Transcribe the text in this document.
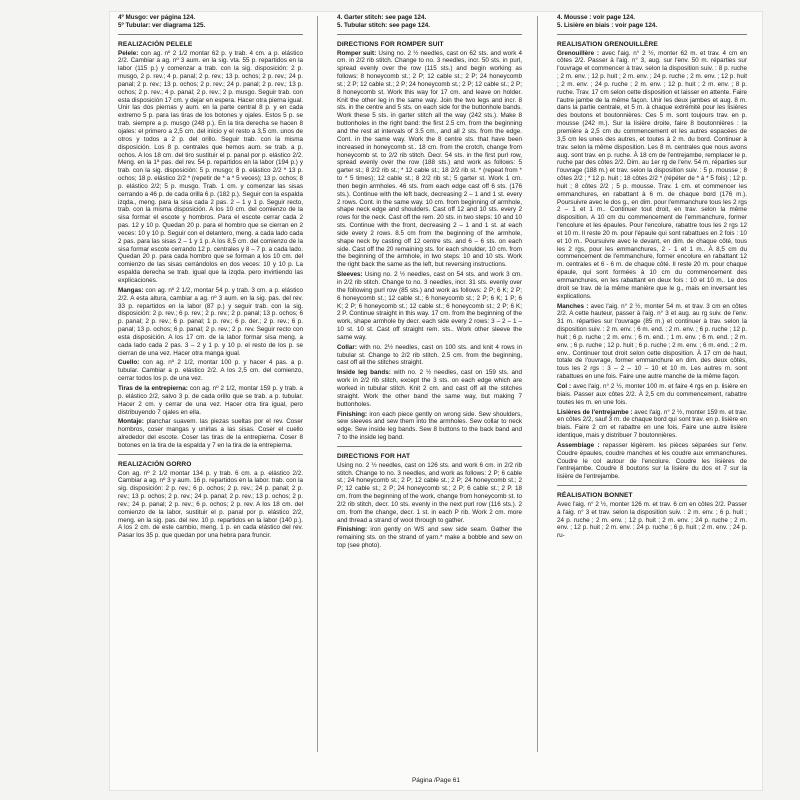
4º Musgo: ver página 124.

5º Tubular: ver diagrama 125.

REALIZACIÓN PELELE

Pelele: con ag. nº 2 1/2 montar 62 p. y trab. 4 cm. a p. elástico 2/2. Cambiar a ag. nº 3 aum. en la sig. vta. 55 p. repartidos en la labor (115 p.) y comenzar a trab. con la sig. disposición: 2 p. musgo, 2 p. rev.; 4 p. panal; 2 p. rev.; 13 p. ochos; 2 p. rev.; 24 p. panal; 2 p. rev.; 13 p. ochos; 2 p. rev.; 24 p. panal; 2 p. rev.; 13 p. ochos; 2 p. rev.; 4 p. panal; 2 p. rev.; 2 p. musgo. Seguir trab. con esta disposición 17 cm. y dejar en espera. Hacer otra pierna igual. Unir las dos piernas y aum. en la parte central 8 p. y en cada extremo 5 p. para las tiras de los botones y ojales. Estos 5 p. se trab. siempre a p. musgo (248 p.). En la tira derecha se hacen 8 ojales: el primero a 2,5 cm. del inicio y el resto a 3,5 cm. unos de otros y todos a 2 p. del orillo. Seguir trab. con la misma disposición. Los 8 p. centrales que hemos aum. se trab. a p. ochos. A los 18 cm. del tiro sustituir el p. panal por p. elástico 2/2. Meng. en la 1ª pas. del rev. 54 p. repartidos en la labor (194 p.) y trab. con la sig. disposición: 5 p. musgo; 8 p. elástico 2/2 * 13 p. ochos; 18 p. elástico 2/2 * (repetir de * a * 5 veces); 13 p. ochos; 8 p. elástico 2/2; 5 p. musgo. Trab. 1 cm. y comenzar las sisas cerrando a 46 p. de cada orilla 6 p. (182 p.). Seguir con la espalda izqda., meng. para la sisa cada 2 pas. 2 – 1 y 1 p. Seguir recto, trab. con la misma disposición. A los 10 cm. del comienzo de la sisa formar el escote y hombros. Para el escote cerrar cada 2 pas. 12 y 10 p. Quedan 20 p. para el hombro que se cierran en 2 veces: 10 y 10 p. Seguir con el delantero, meng. a cada lado cada 2 pas. para las sisas 2 – 1 y 1 p. A los 8,5 cm. del comienzo de la sisa formar escote cerrando 12 p. centrales y 8 – 7 p. a cada lado. Quedan 20 p. para cada hombro que se forman a los 10 cm. del comienzo de las sisas cerrándolos en dos veces: 10 y 10 p. La espalda derecha se trab. igual que la izqda. pero invirtiendo las explicaciones.

Mangas: con ag. nº 2 1/2, montar 54 p. y trab. 3 cm. a p. elástico 2/2. A esta altura, cambiar a ag. nº 3 aum. en la sig. pas. del rev. 33 p. repartidos en la labor (87 p.) y seguir trab. con la sig. disposición: 2 p. rev.; 6 p. rev.; 2 p. rev.; 2 p. panal; 13 p. ochos; 6 p. panal; 2 p. rev.; 6 p. panal; 1 p. rev.; 6 p. der.; 2 p. rev.; 6 p. panal; 13 p. ochos; 6 p. panal; 2 p. rev.; 2 p. rev. Seguir recto con esta disposición. A los 17 cm. de la labor formar sisa meng. a cada lado cada 2 pas. 3 – 2 y 1 p. y 10 p. el resto de los p. se cierran de una vez. Hacer otra manga igual.

Cuello: con ag. nº 2 1/2, montar 100 p. y hacer 4 pas. a p. tubular. Cambiar a p. elástico 2/2. A los 2,5 cm. del comienzo, cerrar todos los p. de una vez.

Tiras de la entrepierna: con ag. nº 2 1/2, montar 159 p. y trab. a p. elástico 2/2, salvo 3 p. de cada orillo que se trab. a p. tubular. Hacer 2 cm. y cerrar de una vez. Hacer otra tira igual, pero distribuyendo 7 ojales en ella.

Montaje: planchar suavem. las piezas sueltas por el rev. Coser hombros, coser mangas y unirlas a las sisas. Coser el cuello alrededor del escote. Coser las tiras de la entrepierna. Coser 8 botones en la tira de la espalda y 7 en la tira de la entrepierna.

REALIZACIÓN GORRO

Con ag. nº 2 1/2 montar 134 p. y trab. 6 cm. a p. elástico 2/2. Cambiar a ag. nº 3 y aum. 16 p. repartidos en la labor. trab. con la sig. disposición: 2 p. rev.; 6 p. ochos; 2 p. rev.; 24 p. panal; 2 p. rev.; 13 p. ochos; 2 p. rev.; 24 p. panal; 2 p. rev.; 13 p. ochos; 2 p. rev.; 24 p. panal; 2 p. rev.; 6 p. ochos; 2 p. rev. A los 18 cm. del comienzo de la labor, sustituir el p. panal por p. elástico 2/2, meng. en la sig. pas. del rev. 10 p. repartidos en la labor (140 p.). A los 2 cm. de este cambio, meng. 1 p. en cada elástico del rev. Pasar los 35 p. que quedan por una hebra para fruncir.

4. Garter stitch: see page 124.

5. Tubular stitch: see page 124.

DIRECTIONS FOR ROMPER SUIT

Romper suit: Using no. 2 ½ needles, cast on 62 sts. and work 4 cm. in 2/2 rib stitch. Change to no. 3 needles, incr. 50 sts. in purl, spread evenly over the row (115 sts.) and begin working as follows: 8 honeycomb st.; 2 P; 12 cable st.; 2 P; 24 honeycomb st.; 2 P; 12 cable st.; 2 P; 24 honeycomb st.; 2 P; 12 cable st.; 2 P; 8 honeycomb st. Work this way for 17 cm. and leave on holder. Knit the other leg in the same way. Join the two legs and incr. 8 sts. in the centre and 5 sts. on each side for the buttonhole bands. Work these 5 sts. in garter stitch all the way (242 sts.). Make 8 buttonholes in the right band: the first 2.5 cm. from the beginning and the rest at intervals of 3.5 cm., and all 2 sts. from the edge. Cont. in the same way. Work the 8 centre sts. that have been increased in honeycomb st.. 18 cm. from the crotch, change from honeycomb st. to 2/2 rib stitch. Decr. 54 sts. in the first purl row, spread evenly over the row (188 sts.) and work as follows: 5 garter st.; 8 2/2 rib st.; * 12 cable st.; 18 2/2 rib st. * (repeat from * to * 5 times); 12 cable st.; 8 2/2 rib st.; 5 garter st. Work 1 cm. then begin armholes. 46 sts. from each edge cast off 6 sts. (176 sts.). Continue with the left back, decreasing 2 – 1 and 1 st. every 2 rows. Cont. in the same way. 10 cm. from beginning of armhole, shape neck edge and shoulders. Cast off 12 and 10 sts. every 2 rows for the neck. Cast off the rem. 20 sts. in two steps: 10 and 10 sts. Continue with the front, decreasing 2 – 1 and 1 st. at each side every 2 rows. 8.5 cm from the beginning of the armhole, shape neck by casting off 12 centre sts. and 6 – 6 sts. on each side. Cast off the 20 remaining sts. for each shoulder, 10 cm. from the beginning of the armhole, in two steps: 10 and 10 sts. Work the right back the same as the left, but reversing instructions.

Sleeves: Using no. 2 ½ needles, cast on 54 sts. and work 3 cm. in 2/2 rib stitch. Change to no. 3 needles, incr. 31 sts. evenly over the following purl row (85 sts.) and work as follows: 2 P; 6 K; 2 P; 6 honeycomb st.; 12 cable st.; 6 honeycomb st.; 2 P; 6 K; 1 P; 6 K; 2 P; 6 honeycomb st.; 12 cable st.; 6 honeycomb st.; 2 P; 6 K; 2 P. Continue straight in this way. 17 cm. from the beginning of the work, shape armhole by decr. each side every 2 rows: 3 – 2 – 1 – 10 st. 10 st. Cast off straight rem. sts.. Work other sleeve the same way.

Collar: with no. 2½ needles, cast on 100 sts. and knit 4 rows in tubular st. Change to 2/2 rib stitch. 2.5 cm. from the beginning, cast off all the stitches straight.

Inside leg bands: with no. 2 ½ needles, cast on 159 sts. and work in 2/2 rib stitch, except the 3 sts. on each edge which are worked in tubular stitch. Knit 2 cm. and cast off all the stitches straight. Work the other band the same way, but making 7 buttonholes.

Finishing: iron each piece gently on wrong side. Sew shoulders, sew sleeves and sew them into the armholes. Sew collar to neck edge. Sew inside leg bands. Sew 8 buttons to the back band and 7 to the inside leg band.

DIRECTIONS FOR HAT

Using no. 2 ½ needles, cast on 126 sts. and work 6 cm. in 2/2 rib stitch. Change to no. 3 needles, and work as follows: 2 P; 6 cable st.; 24 honeycomb st.; 2 P; 12 cable st.; 2 P; 24 honeycomb st.; 2 P; 12 cable st.; 2 P; 24 honeycomb st.; 2 P; 6 cable st.; 2 P. 18 cm. from the beginning of the work, change from honeycomb st. to 2/2 rib stitch, decr. 10 sts. evenly in the next purl row (116 sts.). 2 cm. from the change, decr. 1 st. in each P rib. Work 2 cm. more and thread a strand of wool through to gather.

Finishing: iron gently on WS and sew side seam. Gather the remaining sts. on the strand of yarn.* make a bobble and sew on top (see photo).

4. Mousse : voir page 124.

5. Lisière en biais : voir page 124.

REALISATION GRENOUILLÈRE

Grenouillère : avec l'aig. n° 2 ½, monter 62 m. et trav. 4 cm en côtes 2/2. Passer à l'aig. n° 3, aug. sur l'env. 50 m. réparties sur l'ouvrage et commencer à trav. selon la disposition suiv. : 8 p. ruche ; 2 m. env. ; 12 p. huit ; 2 m. env. ; 24 p. ruche ; 2 m. env. ; 12 p. huit ; 2 m. env. ; 24 p. ruche ; 2 m. env. ; 12 p. huit ; 2 m. env. ; 8 p. ruche. Trav. 17 cm selon cette disposition et laisser en attente. Faire l'autre jambe de la même façon. Unir les deux jambes et aug. 8 m. dans la partie centrale, et 5 m. à chaque extrémité pour les lisières des boutons et boutonnières. Ces 5 m. sont toujours trav. en p. mousse (242 m.). Sur la lisière droite, faire 8 boutonnières : la première à 2,5 cm du commencement et les autres espacées de 3,5 cm les unes des autres, et toutes à 2 m. du bord. Continuer à trav. selon la même disposition. Les 8 m. centrales que nous avons aug. sont trav. en p. ruche. À 18 cm de l'entrejambe, remplacer le p. ruche par des côtes 2/2. Dim. au 1er rg de l'env. 54 m. réparties sur l'ouvrage (188 m.) et trav. selon la disposition suiv. : 5 p. mousse ; 8 côtes 2/2 ; * 12 p. huit ; 18 côtes 2/2 * (répéter de * à * 5 fois) ; 12 p. huit ; 8 côtes 2/2 ; 5 p. mousse. Trav. 1 cm. et commencer les emmanchures, en rabattant à 6 m. de chaque bord (176 m.). Poursuivre avec le dos g., en dim. pour l'emmanchure tous les 2 rgs 2 – 1 et 1 m.. Continuer tout droit, en trav. selon la même disposition. A 10 cm du commencement de l'emmanchure, former l'encolure et les épaules. Pour l'encolure, rabattre tous les 2 rgs 12 et 10 m. Il reste 20 m. pour l'épaule qui sont rabattues en 2 fois : 10 et 10 m.. Poursuivre avec le devant, en dim. de chaque côté, tous les 2 rgs, pour les emmanchures, 2 - 1 et 1 m.. À 8,5 cm du commencement de l'emmanchure, former encolure en rabattant 12 m. centrales et 6 - 6 m. de chaque côté. Il reste 20 m. pour chaque épaule, qui sont formées à 10 cm du commencement des emmanchures, en les rabattant en deux fois : 10 et 10 m.. Le dos droit se trav. de la même manière que le g., mais en inversant les explications.

Manches : avec l'aig. n° 2 ½, monter 54 m. et trav. 3 cm en côtes 2/2. A cette hauteur, passer à l'aig. n° 3 et aug. au rg suiv. de l'env. 31 m. réparties sur l'ouvrage (85 m.) et continuer à trav. selon la disposition suiv. : 2 m. env. ; 6 m. end. ; 2 m. env. ; 6 p. ruche ; 12 p. huit ; 6 p. ruche ; 2 m. env. ; 6 m. end. ; 1 m. env. ; 6 m. end. ; 2 m. env. ; 6 p. ruche ; 12 p. huit ; 6 p. ruche ; 2 m. env. ; 6 m. end. ; 2 m. env.. Continuer tout droit selon cette disposition. À 17 cm de haut, totale de l'ouvrage, former emmanchure en dim. des deux côtés, tous les 2 rgs : 3 – 2 – 10 – 10 et 10 m. Les autres m. sont rabattues en une fois. Faire une autre manche de la même façon.

Col : avec l'aig. n° 2 ½, monter 100 m. et faire 4 rgs en p. lisière en biais. Passer aux côtes 2/2. À 2,5 cm du commencement, rabattre toutes les m. en une fois.

Lisières de l'entrejambe : avec l'aig. n° 2 ½, monter 159 m. et trav. en côtes 2/2, sauf 3 m. de chaque bord qui sont trav. en p. lisière en biais. Faire 2 cm et rabattre en une fois. Faire une autre lisière identique, mais y distribuer 7 boutonnières.

Assemblage : repasser légèrem. les pièces séparées sur l'env. Coudre épaules, coudre manches et les coudre aux emmanchures. Coudre le col autour de l'encolure. Coudre les lisières de l'entrejambe. Coudre 8 boutons sur la lisière du dos et 7 sur la lisière de l'entrejambe.

RÉALISATION BONNET

Avec l'aig. n° 2 ½, monter 126 m. et trav. 6 cm en côtes 2/2. Passer à l'aig. n° 3 et trav. selon la disposition suiv. : 2 m. env. ; 6 p. huit ; 24 p. ruche ; 2 m. env. ; 12 p. huit ; 2 m. env. ; 24 p. ruche ; 2 m. env. ; 12 p. huit ; 2 m. env. ; 24 p. ruche ; 6 p. huit ; 2 m. env. ; 24 p. ru-

Página /Page 61
